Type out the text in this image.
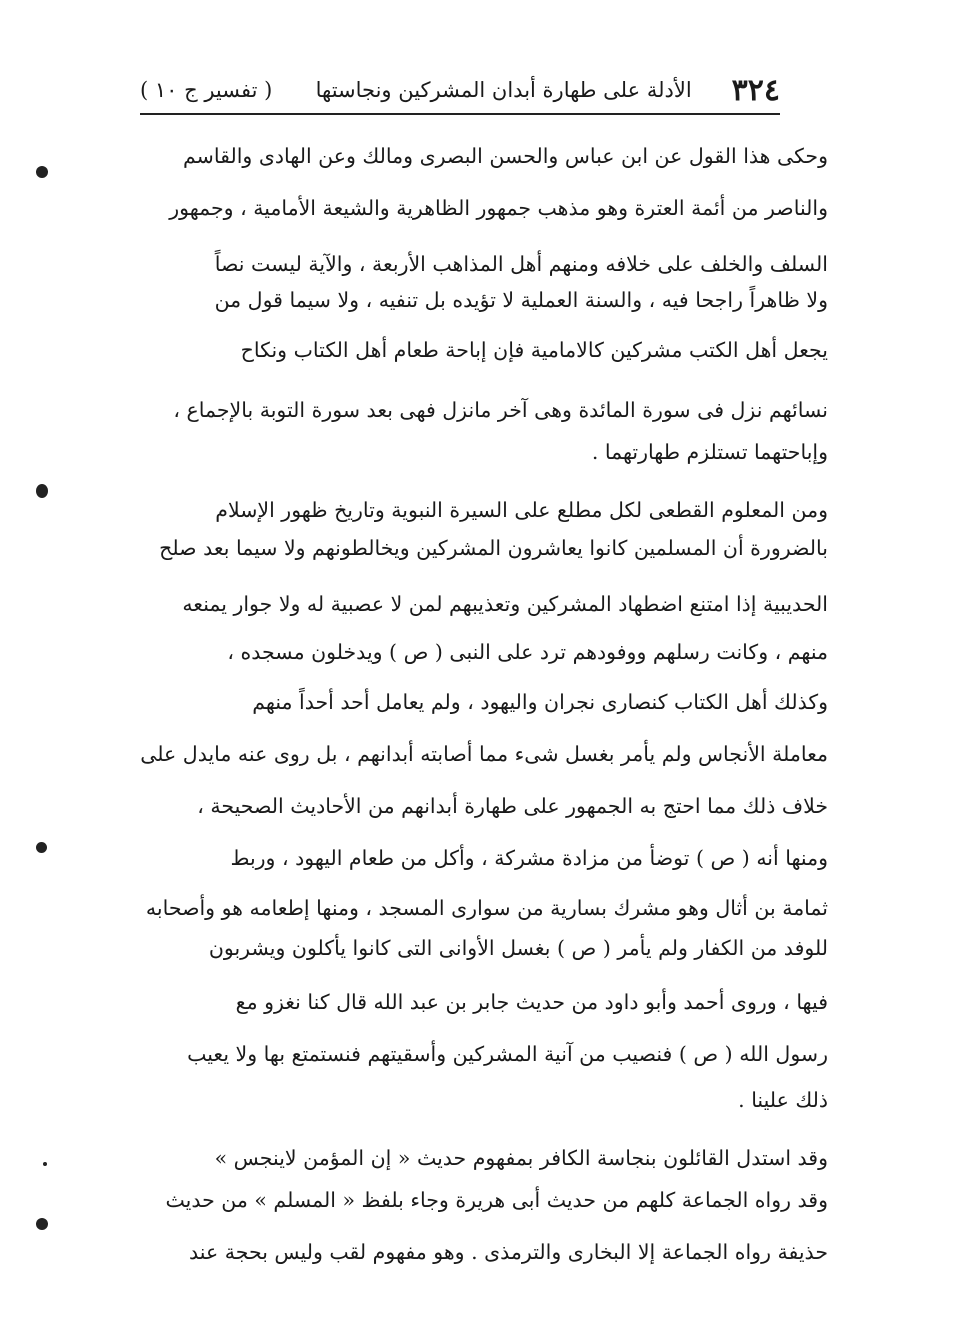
٣٢٤
الأدلة على طهارة أبدان المشركين ونجاستها
( تفسير ج ١٠ )
وحكى هذا القول عن ابن عباس والحسن البصرى ومالك وعن الهادى والقاسم
والناصر من أئمة العترة وهو مذهب جمهور الظاهرية والشيعة الأمامية ، وجمهور
السلف والخلف على خلافه ومنهم أهل المذاهب الأربعة ، والآية ليست نصاً
ولا ظاهراً راجحا فيه ، والسنة العملية لا تؤيده بل تنفيه ، ولا سيما قول من
يجعل أهل الكتب مشركين كالامامية فإن إباحة طعام أهل الكتاب ونكاح
نسائهم نزل فى سورة المائدة وهى آخر مانزل فهى بعد سورة التوبة بالإجماع ،
وإباحتهما تستلزم طهارتهما .
ومن المعلوم القطعى لكل مطلع على السيرة النبوية وتاريخ ظهور الإسلام
بالضرورة أن المسلمين كانوا يعاشرون المشركين ويخالطونهم ولا سيما بعد صلح
الحديبية إذا امتنع اضطهاد المشركين وتعذيبهم لمن لا عصبية له ولا جوار يمنعه
منهم ، وكانت رسلهم ووفودهم ترد على النبى ( ص ) ويدخلون مسجده ،
وكذلك أهل الكتاب كنصارى نجران واليهود ، ولم يعامل أحد أحداً منهم
معاملة الأنجاس ولم يأمر بغسل شىء مما أصابته أبدانهم ، بل روى عنه مايدل على
خلاف ذلك مما احتج به الجمهور على طهارة أبدانهم من الأحاديث الصحيحة ،
ومنها أنه ( ص ) توضأ من مزادة مشركة ، وأكل من طعام اليهود ، وربط
ثمامة بن أثال وهو مشرك بسارية من سوارى المسجد ، ومنها إطعامه هو وأصحابه
للوفد من الكفار ولم يأمر ( ص ) بغسل الأوانى التى كانوا يأكلون ويشربون
فيها ، وروى أحمد وأبو داود من حديث جابر بن عبد الله قال كنا نغزو مع
رسول الله ( ص ) فنصيب من آنية المشركين وأسقيتهم فنستمتع بها ولا يعيب
ذلك علينا .
وقد استدل القائلون بنجاسة الكافر بمفهوم حديث « إن المؤمن لاينجس »
وقد رواه الجماعة كلهم من حديث أبى هريرة وجاء بلفظ « المسلم » من حديث
حذيفة رواه الجماعة إلا البخارى والترمذى . وهو مفهوم لقب وليس بحجة عند
